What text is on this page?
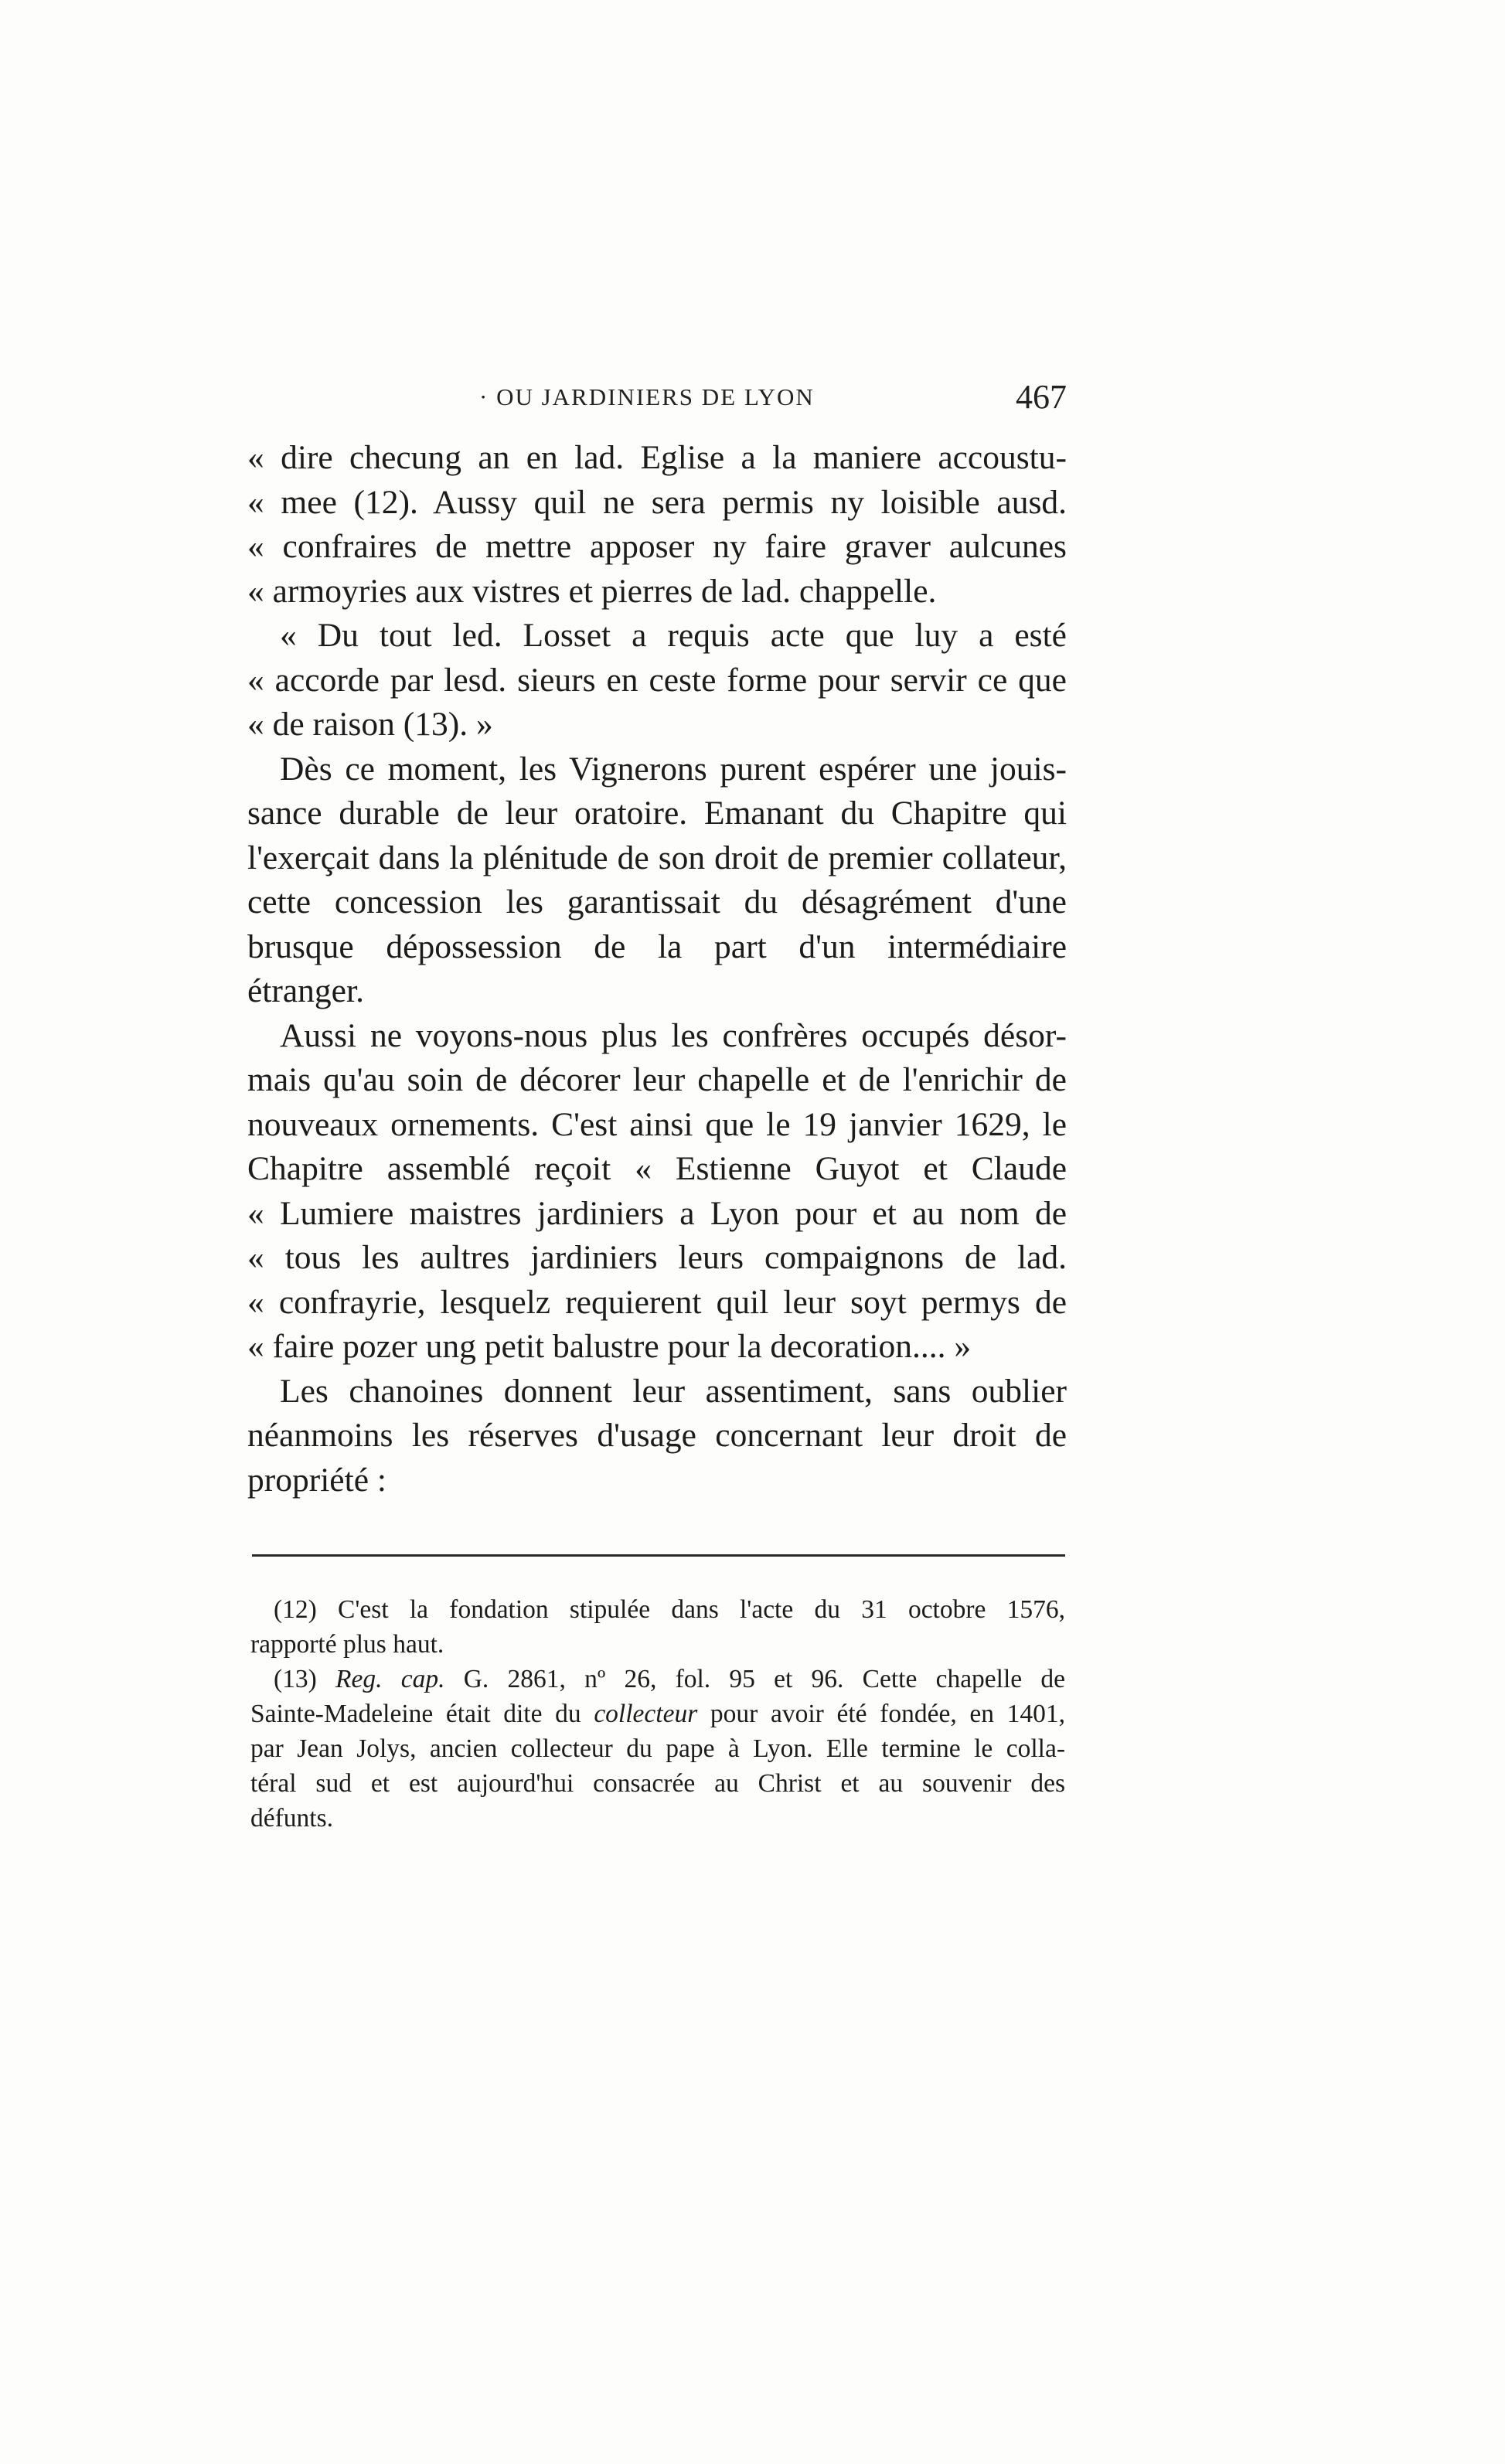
· OU JARDINIERS DE LYON	467
« dire checung an en lad. Eglise a la maniere accoustu-
« mee (12). Aussy quil ne sera permis ny loisible ausd.
« confraires de mettre apposer ny faire graver aulcunes
« armoyries aux vistres et pierres de lad. chappelle.
« Du tout led. Losset a requis acte que luy a esté
« accorde par lesd. sieurs en ceste forme pour servir ce que
« de raison (13). »
Dès ce moment, les Vignerons purent espérer une jouis-
sance durable de leur oratoire. Emanant du Chapitre qui
l'exerçait dans la plénitude de son droit de premier collateur,
cette concession les garantissait du désagrément d'une
brusque dépossession de la part d'un intermédiaire
étranger.
Aussi ne voyons-nous plus les confrères occupés désor-
mais qu'au soin de décorer leur chapelle et de l'enrichir de
nouveaux ornements. C'est ainsi que le 19 janvier 1629, le
Chapitre assemblé reçoit « Estienne Guyot et Claude
« Lumiere maistres jardiniers a Lyon pour et au nom de
« tous les aultres jardiniers leurs compaignons de lad.
« confrayrie, lesquelz requierent quil leur soyt permys de
« faire pozer ung petit balustre pour la decoration.... »
Les chanoines donnent leur assentiment, sans oublier
néanmoins les réserves d'usage concernant leur droit de
propriété :
(12) C'est la fondation stipulée dans l'acte du 31 octobre 1576,
rapporté plus haut.
(13) Reg. cap. G. 2861, nº 26, fol. 95 et 96. Cette chapelle de
Sainte-Madeleine était dite du collecteur pour avoir été fondée, en 1401,
par Jean Jolys, ancien collecteur du pape à Lyon. Elle termine le colla-
téral sud et est aujourd'hui consacrée au Christ et au souvenir des
défunts.
